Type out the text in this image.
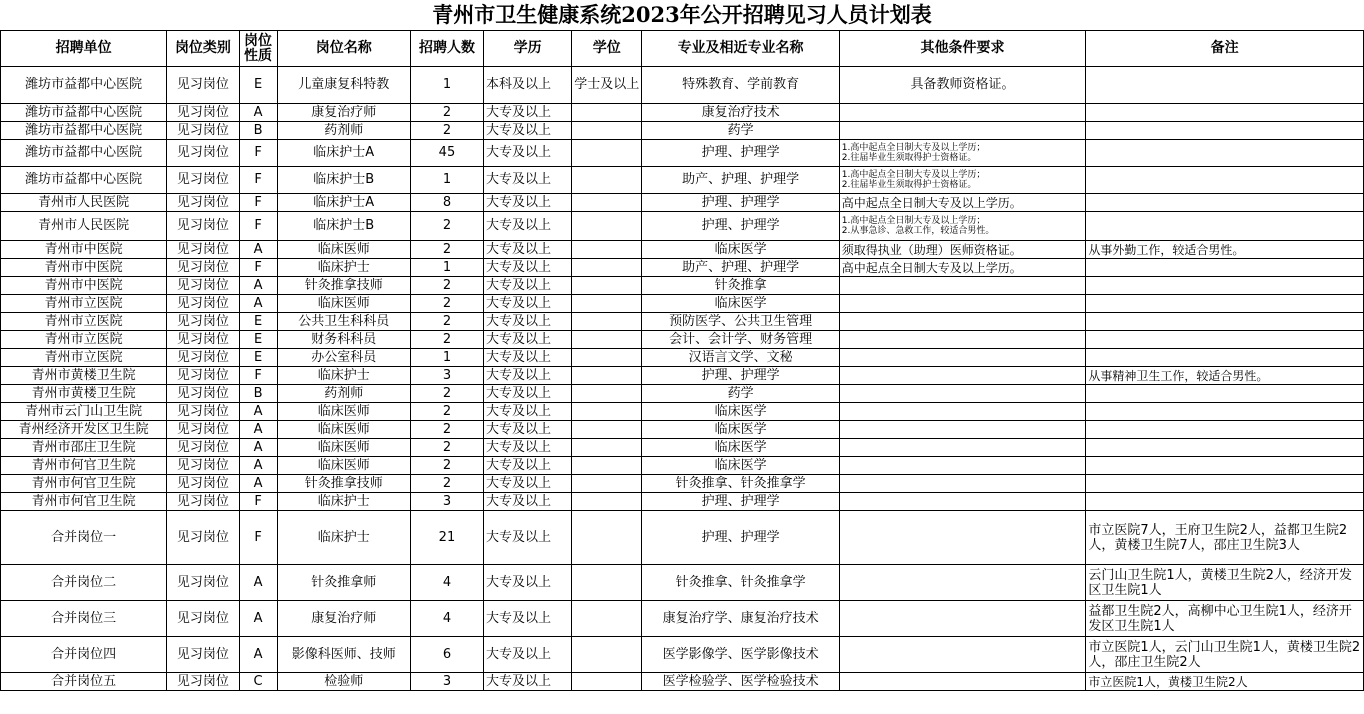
青州市卫生健康系统2023年公开招聘见习人员计划表
招聘单位	岗位类别	岗位性质	岗位名称	招聘人数	学历	学位	专业及相近专业名称	其他条件要求	备注
潍坊市益都中心医院	见习岗位	E	儿童康复科特教	1	本科及以上	学士及以上	特殊教育、学前教育	具备教师资格证。	
潍坊市益都中心医院	见习岗位	A	康复治疗师	2	大专及以上		康复治疗技术		
潍坊市益都中心医院	见习岗位	B	药剂师	2	大专及以上		药学		
潍坊市益都中心医院	见习岗位	F	临床护士A	45	大专及以上		护理、护理学	1.高中起点全日制大专及以上学历；
2.往届毕业生须取得护士资格证。	
潍坊市益都中心医院	见习岗位	F	临床护士B	1	大专及以上		助产、护理、护理学	1.高中起点全日制大专及以上学历；
2.往届毕业生须取得护士资格证。	
青州市人民医院	见习岗位	F	临床护士A	8	大专及以上		护理、护理学	高中起点全日制大专及以上学历。	
青州市人民医院	见习岗位	F	临床护士B	2	大专及以上		护理、护理学	1.高中起点全日制大专及以上学历；
2.从事急诊、急救工作，较适合男性。	
青州市中医院	见习岗位	A	临床医师	2	大专及以上		临床医学	须取得执业（助理）医师资格证。	从事外勤工作，较适合男性。
青州市中医院	见习岗位	F	临床护士	1	大专及以上		助产、护理、护理学	高中起点全日制大专及以上学历。	
青州市中医院	见习岗位	A	针灸推拿技师	2	大专及以上		针灸推拿		
青州市立医院	见习岗位	A	临床医师	2	大专及以上		临床医学		
青州市立医院	见习岗位	E	公共卫生科科员	2	大专及以上		预防医学、公共卫生管理		
青州市立医院	见习岗位	E	财务科科员	2	大专及以上		会计、会计学、财务管理		
青州市立医院	见习岗位	E	办公室科员	1	大专及以上		汉语言文学、文秘		
青州市黄楼卫生院	见习岗位	F	临床护士	3	大专及以上		护理、护理学		从事精神卫生工作，较适合男性。
青州市黄楼卫生院	见习岗位	B	药剂师	2	大专及以上		药学		
青州市云门山卫生院	见习岗位	A	临床医师	2	大专及以上		临床医学		
青州经济开发区卫生院	见习岗位	A	临床医师	2	大专及以上		临床医学		
青州市邵庄卫生院	见习岗位	A	临床医师	2	大专及以上		临床医学		
青州市何官卫生院	见习岗位	A	临床医师	2	大专及以上		临床医学		
青州市何官卫生院	见习岗位	A	针灸推拿技师	2	大专及以上		针灸推拿、针灸推拿学		
青州市何官卫生院	见习岗位	F	临床护士	3	大专及以上		护理、护理学		
合并岗位一	见习岗位	F	临床护士	21	大专及以上		护理、护理学		市立医院7人，王府卫生院2人，益都卫生院2人，黄楼卫生院7人，邵庄卫生院3人
合并岗位二	见习岗位	A	针灸推拿师	4	大专及以上		针灸推拿、针灸推拿学		云门山卫生院1人，黄楼卫生院2人，经济开发区卫生院1人
合并岗位三	见习岗位	A	康复治疗师	4	大专及以上		康复治疗学、康复治疗技术		益都卫生院2人，高柳中心卫生院1人，经济开发区卫生院1人
合并岗位四	见习岗位	A	影像科医师、技师	6	大专及以上		医学影像学、医学影像技术		市立医院1人，云门山卫生院1人，黄楼卫生院2人，邵庄卫生院2人
合并岗位五	见习岗位	C	检验师	3	大专及以上		医学检验学、医学检验技术		市立医院1人，黄楼卫生院2人
